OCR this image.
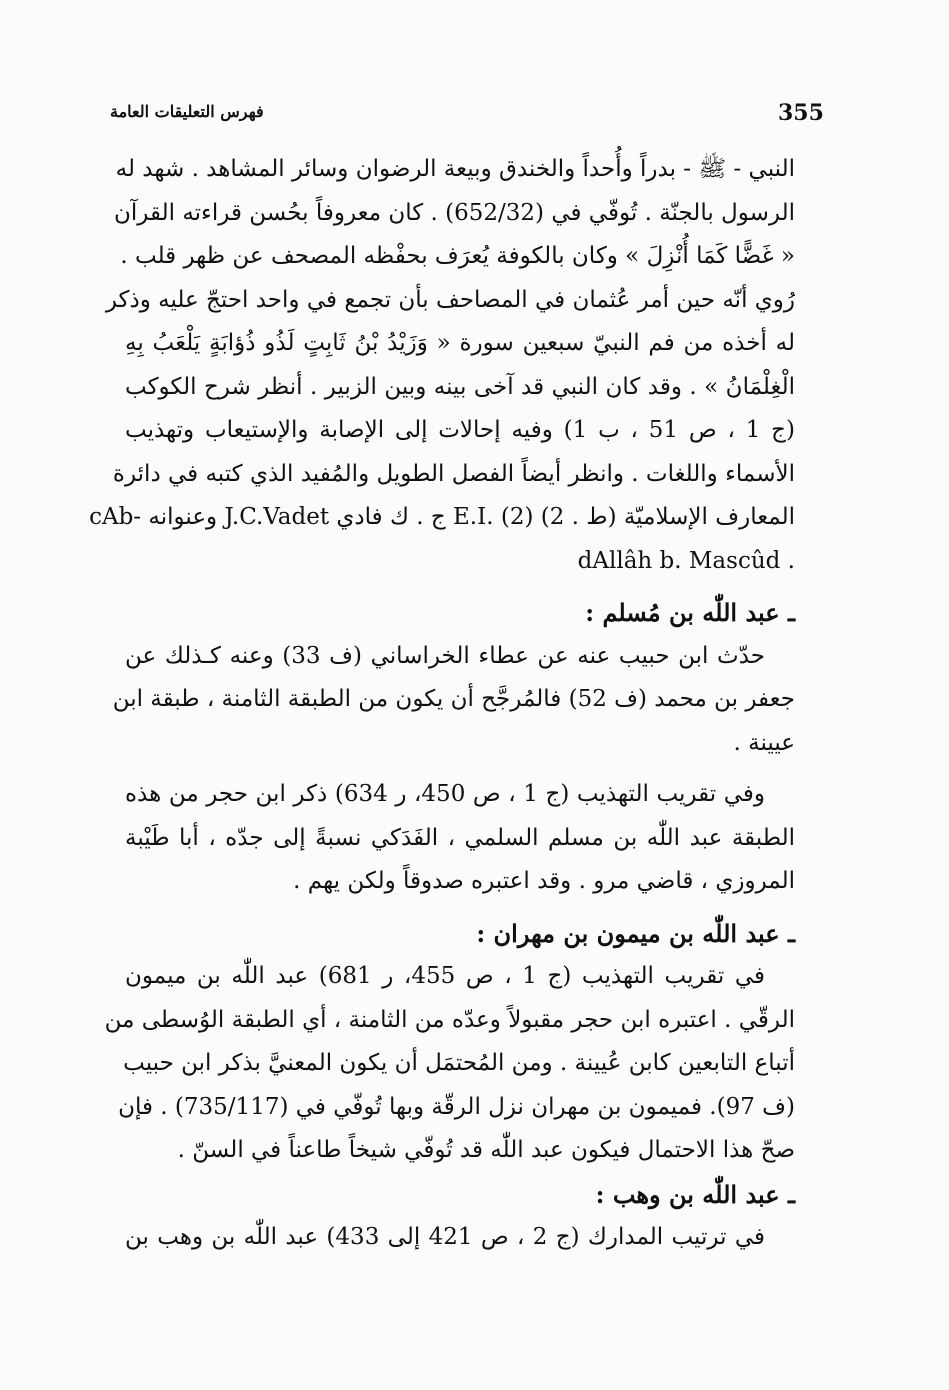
فهرس التعليقات العامة	355
النبي - ﷺ - بدراً وأُحداً والخندق وبيعة الرضوان وسائر المشاهد . شهد له
الرسول بالجنّة . تُوفّي في (652/32) . كان معروفاً بحُسن قراءته القرآن
« غَضًّا كَمَا أُنْزِلَ » وكان بالكوفة يُعرَف بحفْظه المصحف عن ظهر قلب .
رُوي أنّه حين أمر عُثمان في المصاحف بأن تجمع في واحد احتجّ عليه وذكر
له أخذه من فم النبيّ سبعين سورة « وَزَيْدُ بْنُ ثَابِتٍ لَذُو ذُؤابَةٍ يَلْعَبُ بِهِ
الْغِلْمَانُ » . وقد كان النبي قد آخى بينه وبين الزبير . أنظر شرح الكوكب
(ج 1 ، ص 51 ، ب 1) وفيه إحالات إلى الإصابة والإستيعاب وتهذيب
الأسماء واللغات . وانظر أيضاً الفصل الطويل والمُفيد الذي كتبه في دائرة
المعارف الإسلاميّة (ط . 2) (2) .E.I ج . ك فادي J.C.Vadet وعنوانه -cAb
. dAllâh b. Mascûd
ـ عبد اللّٰه بن مُسلم :
حدّث ابن حبيب عنه عن عطاء الخراساني (ف 33) وعنه كـذلك عن
جعفر بن محمد (ف 52) فالمُرجَّح أن يكون من الطبقة الثامنة ، طبقة ابن
عيينة .
وفي تقريب التهذيب (ج 1 ، ص 450، ر 634) ذكر ابن حجر من هذه
الطبقة عبد اللّٰه بن مسلم السلمي ، الفَدَكي نسبةً إلى جدّه ، أبا طَيْبة
المروزي ، قاضي مرو . وقد اعتبره صدوقاً ولكن يهم .
ـ عبد اللّٰه بن ميمون بن مهران :
في تقريب التهذيب (ج 1 ، ص 455، ر 681) عبد اللّٰه بن ميمون
الرقّي . اعتبره ابن حجر مقبولاً وعدّه من الثامنة ، أي الطبقة الوُسطى من
أتباع التابعين كابن عُيينة . ومن المُحتمَل أن يكون المعنيَّ بذكر ابن حبيب
(ف 97). فميمون بن مهران نزل الرقّة وبها تُوفّي في (735/117) . فإن
صحّ هذا الاحتمال فيكون عبد اللّٰه قد تُوفّي شيخاً طاعناً في السنّ .
ـ عبد اللّٰه بن وهب :
في ترتيب المدارك (ج 2 ، ص 421 إلى 433) عبد اللّٰه بن وهب بن
